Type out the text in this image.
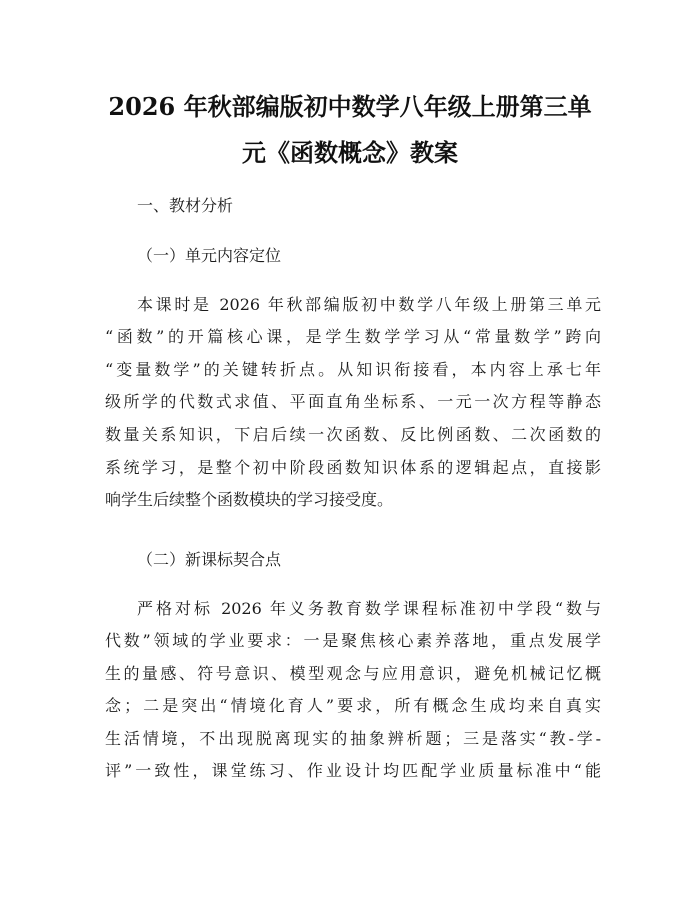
2026 年秋部编版初中数学八年级上册第三单
元《函数概念》教案

一、教材分析

（一）单元内容定位

本课时是 2026 年秋部编版初中数学八年级上册第三单元

“函数”的开篇核心课，是学生数学学习从“常量数学”跨向

“变量数学”的关键转折点。从知识衔接看，本内容上承七年

级所学的代数式求值、平面直角坐标系、一元一次方程等静态

数量关系知识，下启后续一次函数、反比例函数、二次函数的

系统学习，是整个初中阶段函数知识体系的逻辑起点，直接影

响学生后续整个函数模块的学习接受度。

（二）新课标契合点

严格对标 2026 年义务教育数学课程标准初中学段“数与

代数”领域的学业要求：一是聚焦核心素养落地，重点发展学

生的量感、符号意识、模型观念与应用意识，避免机械记忆概

念；二是突出“情境化育人”要求，所有概念生成均来自真实

生活情境，不出现脱离现实的抽象辨析题；三是落实“教-学-

评”一致性，课堂练习、作业设计均匹配学业质量标准中“能
